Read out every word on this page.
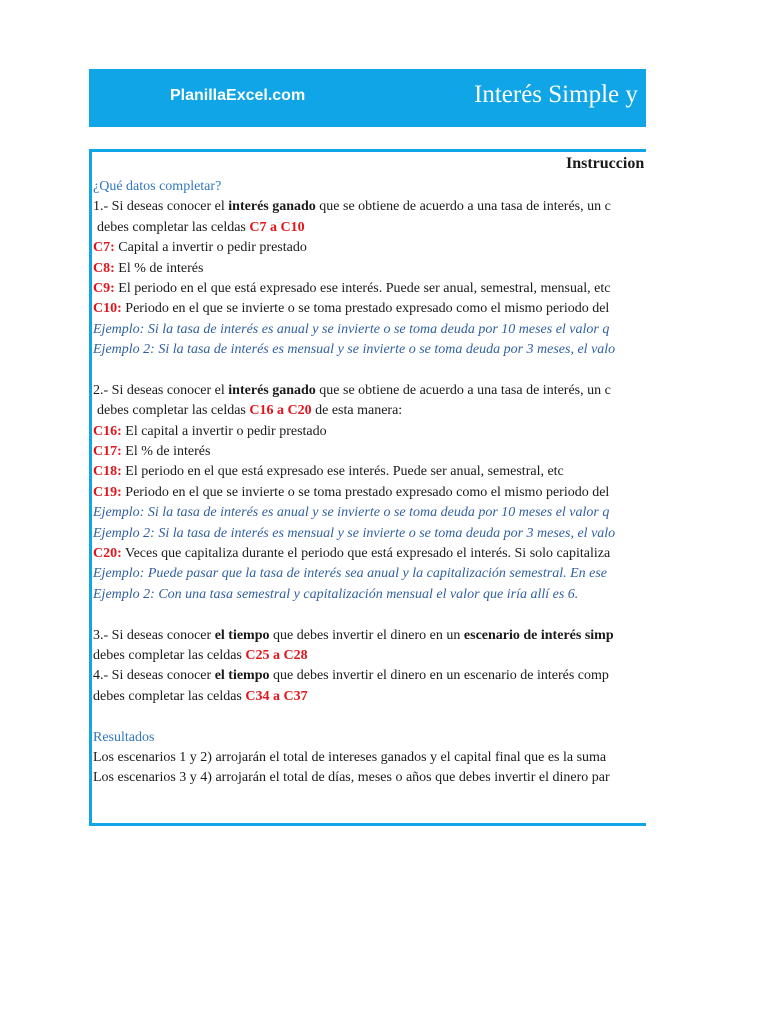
PlanillaExcel.com	Interés Simple y
Instruccion
¿Qué datos completar?
1.- Si deseas conocer el interés ganado que se obtiene de acuerdo a una tasa de interés, un c
debes completar las celdas C7 a C10
C7: Capital a invertir o pedir prestado
C8: El % de interés
C9: El periodo en el que está expresado ese interés. Puede ser anual, semestral, mensual, etc
C10: Periodo en el que se invierte o se toma prestado expresado como el mismo periodo del
Ejemplo: Si la tasa de interés es anual y se invierte o se toma deuda por 10 meses el valor q
Ejemplo 2: Si la tasa de interés es mensual y se invierte o se toma deuda por 3 meses, el valo
2.- Si deseas conocer el interés ganado que se obtiene de acuerdo a una tasa de interés, un c
debes completar las celdas C16 a C20 de esta manera:
C16: El capital a invertir o pedir prestado
C17: El % de interés
C18: El periodo en el que está expresado ese interés. Puede ser anual, semestral, etc
C19: Periodo en el que se invierte o se toma prestado expresado como el mismo periodo del
Ejemplo: Si la tasa de interés es anual y se invierte o se toma deuda por 10 meses el valor q
Ejemplo 2: Si la tasa de interés es mensual y se invierte o se toma deuda por 3 meses, el valo
C20: Veces que capitaliza durante el periodo que está expresado el interés. Si solo capitaliza
Ejemplo: Puede pasar que la tasa de interés sea anual y la capitalización semestral. En ese
Ejemplo 2: Con una tasa semestral y capitalización mensual el valor que iría allí es 6.
3.- Si deseas conocer el tiempo que debes invertir el dinero en un escenario de interés simp
debes completar las celdas C25 a C28
4.- Si deseas conocer el tiempo que debes invertir el dinero en un escenario de interés comp
debes completar las celdas C34 a C37
Resultados
Los escenarios 1 y 2) arrojarán el total de intereses ganados y el capital final que es la suma
Los escenarios 3 y 4) arrojarán el total de días, meses o años que debes invertir el dinero par
